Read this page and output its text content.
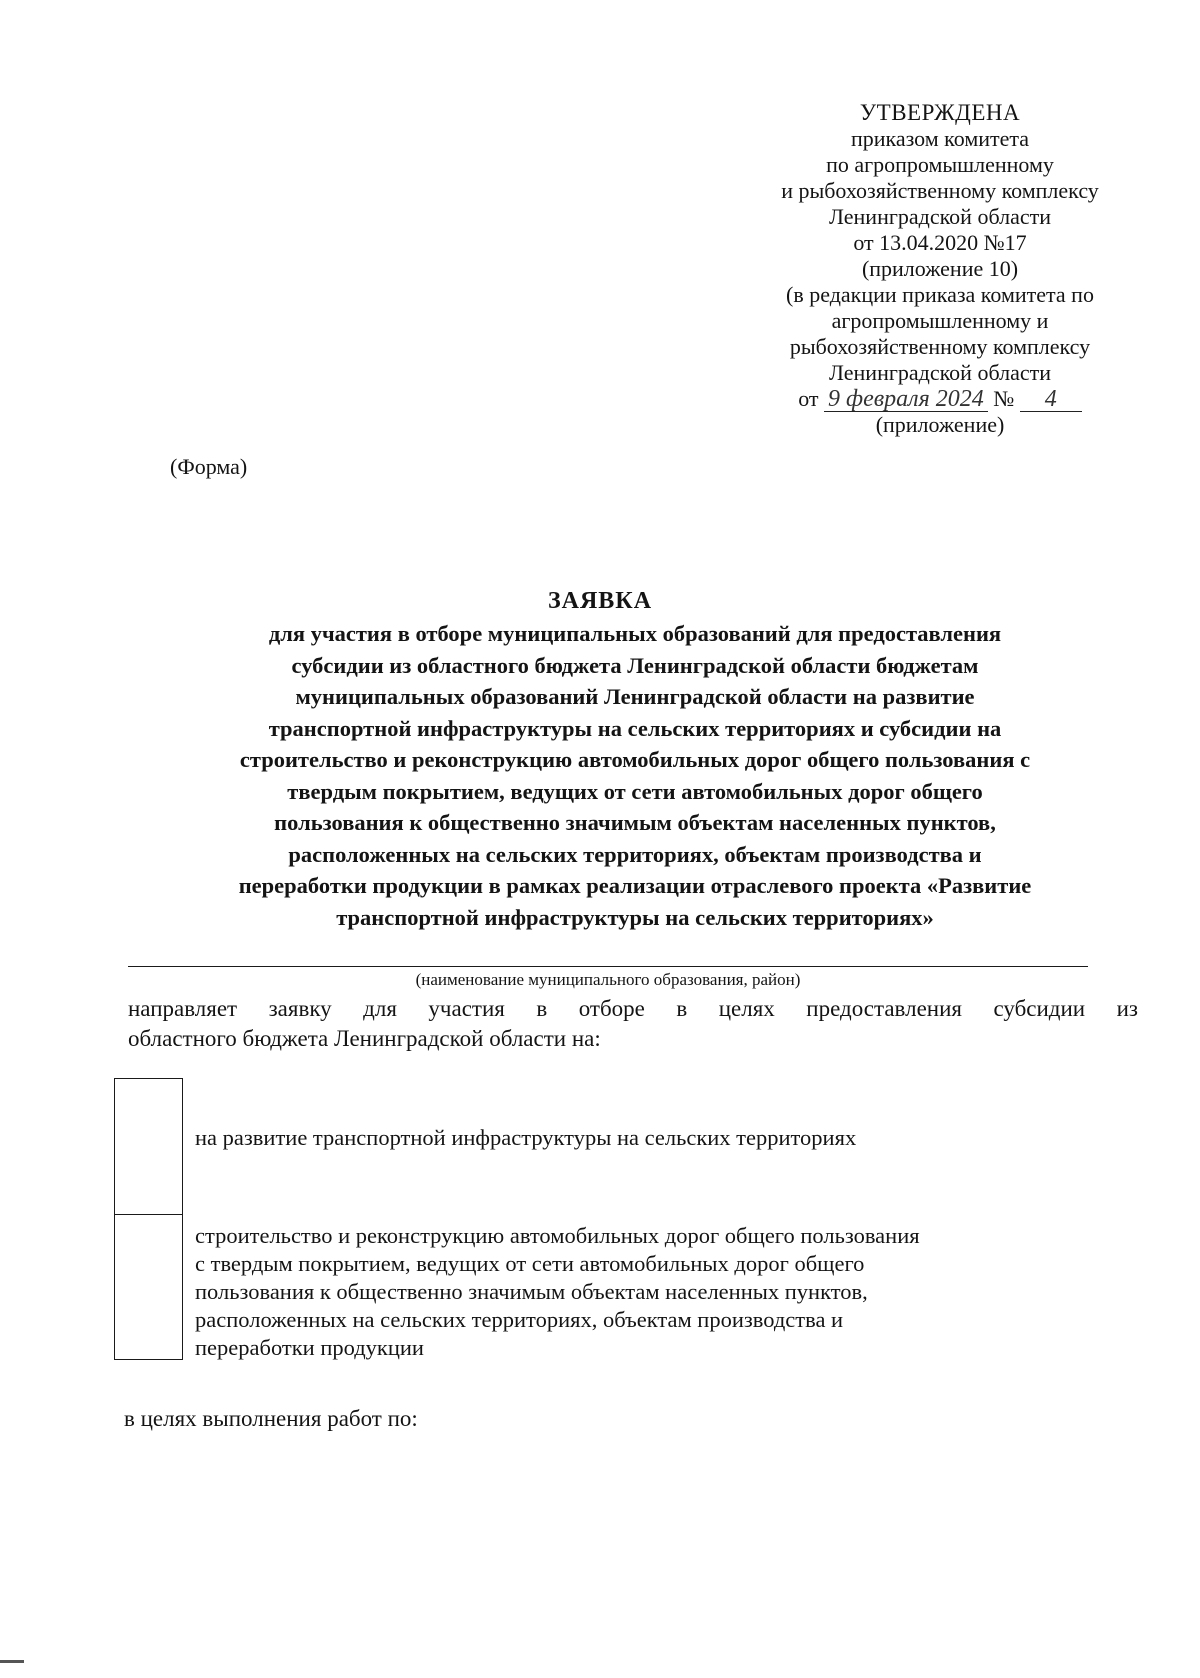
УТВЕРЖДЕНА
приказом комитета
по агропромышленному
и рыбохозяйственному комплексу
Ленинградской области
от 13.04.2020 №17
(приложение 10)
(в редакции приказа комитета по
агропромышленному и
рыбохозяйственному комплексу
Ленинградской области
от 9 февраля 2024 № 4
(приложение)
(Форма)
ЗАЯВКА
для участия в отборе муниципальных образований для предоставления
субсидии из областного бюджета Ленинградской области бюджетам
муниципальных образований Ленинградской области на развитие
транспортной инфраструктуры на сельских территориях и субсидии на
строительство и реконструкцию автомобильных дорог общего пользования с
твердым покрытием, ведущих от сети автомобильных дорог общего
пользования к общественно значимым объектам населенных пунктов,
расположенных на сельских территориях, объектам производства и
переработки продукции в рамках реализации отраслевого проекта «Развитие
транспортной инфраструктуры на сельских территориях»
(наименование муниципального образования, район)
направляет заявку для участия в отборе в целях предоставления субсидии из
областного бюджета Ленинградской области на:
на развитие транспортной инфраструктуры на сельских территориях
строительство и реконструкцию автомобильных дорог общего пользования
с твердым покрытием, ведущих от сети автомобильных дорог общего
пользования к общественно значимым объектам населенных пунктов,
расположенных на сельских территориях, объектам производства и
переработки продукции
в целях выполнения работ по:
